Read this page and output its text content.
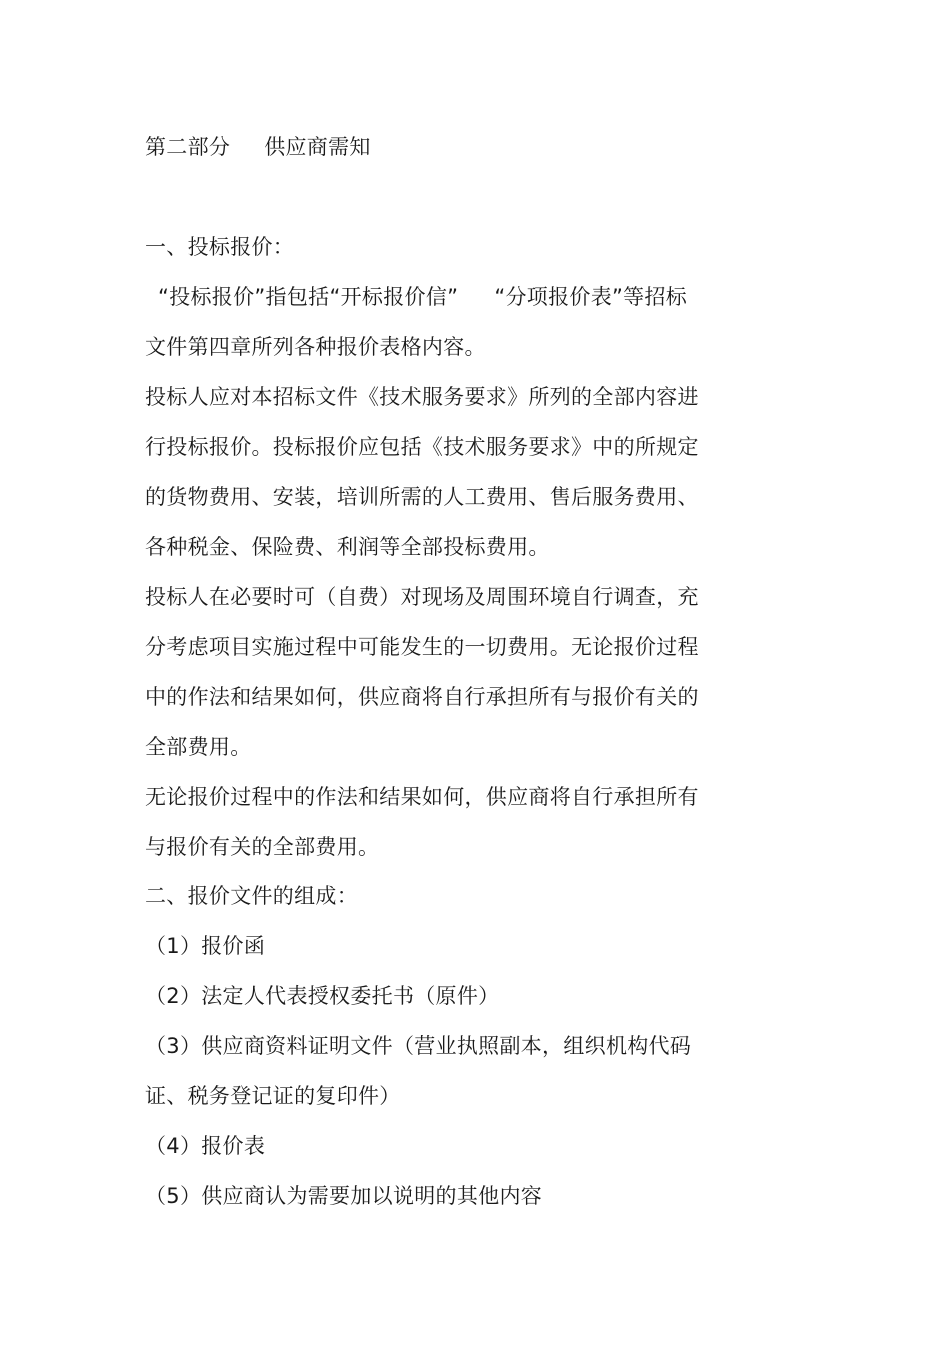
第二部分 供应商需知
一、投标报价：
“投标报价”指包括“开标报价信” “分项报价表”等招标
文件第四章所列各种报价表格内容。
投标人应对本招标文件《技术服务要求》所列的全部内容进
行投标报价。投标报价应包括《技术服务要求》中的所规定
的货物费用、安装，培训所需的人工费用、售后服务费用、
各种税金、保险费、利润等全部投标费用。
投标人在必要时可（自费）对现场及周围环境自行调查，充
分考虑项目实施过程中可能发生的一切费用。无论报价过程
中的作法和结果如何，供应商将自行承担所有与报价有关的
全部费用。
无论报价过程中的作法和结果如何，供应商将自行承担所有
与报价有关的全部费用。
二、报价文件的组成：
（1）报价函
（2）法定人代表授权委托书（原件）
（3）供应商资料证明文件（营业执照副本，组织机构代码
证、税务登记证的复印件）
（4）报价表
（5）供应商认为需要加以说明的其他内容
